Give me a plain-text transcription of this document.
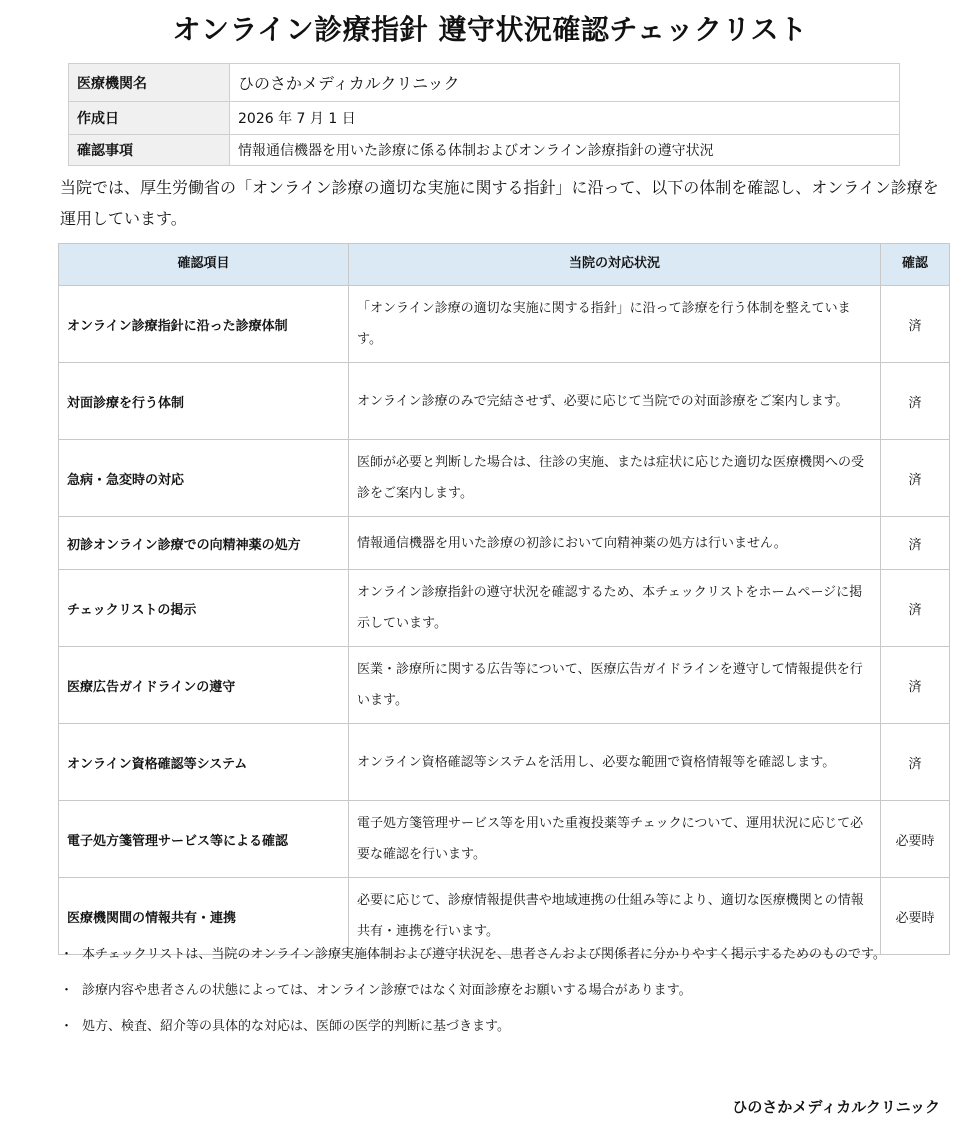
オンライン診療指針 遵守状況確認チェックリスト
医療機関名	ひのさかメディカルクリニック
作成日	2026 年 7 月 1 日
確認事項	情報通信機器を用いた診療に係る体制およびオンライン診療指針の遵守状況
当院では、厚生労働省の「オンライン診療の適切な実施に関する指針」に沿って、以下の体制を確認し、オンライン診療を運用しています。
確認項目	当院の対応状況	確認
オンライン診療指針に沿った診療体制	「オンライン診療の適切な実施に関する指針」に沿って診療を行う体制を整えています。	済
対面診療を行う体制	オンライン診療のみで完結させず、必要に応じて当院での対面診療をご案内します。	済
急病・急変時の対応	医師が必要と判断した場合は、往診の実施、または症状に応じた適切な医療機関への受診をご案内します。	済
初診オンライン診療での向精神薬の処方	情報通信機器を用いた診療の初診において向精神薬の処方は行いません。	済
チェックリストの掲示	オンライン診療指針の遵守状況を確認するため、本チェックリストをホームページに掲示しています。	済
医療広告ガイドラインの遵守	医業・診療所に関する広告等について、医療広告ガイドラインを遵守して情報提供を行います。	済
オンライン資格確認等システム	オンライン資格確認等システムを活用し、必要な範囲で資格情報等を確認します。	済
電子処方箋管理サービス等による確認	電子処方箋管理サービス等を用いた重複投薬等チェックについて、運用状況に応じて必要な確認を行います。	必要時
医療機関間の情報共有・連携	必要に応じて、診療情報提供書や地域連携の仕組み等により、適切な医療機関との情報共有・連携を行います。	必要時
・ 本チェックリストは、当院のオンライン診療実施体制および遵守状況を、患者さんおよび関係者に分かりやすく掲示するためのものです。
・ 診療内容や患者さんの状態によっては、オンライン診療ではなく対面診療をお願いする場合があります。
・ 処方、検査、紹介等の具体的な対応は、医師の医学的判断に基づきます。
ひのさかメディカルクリニック
